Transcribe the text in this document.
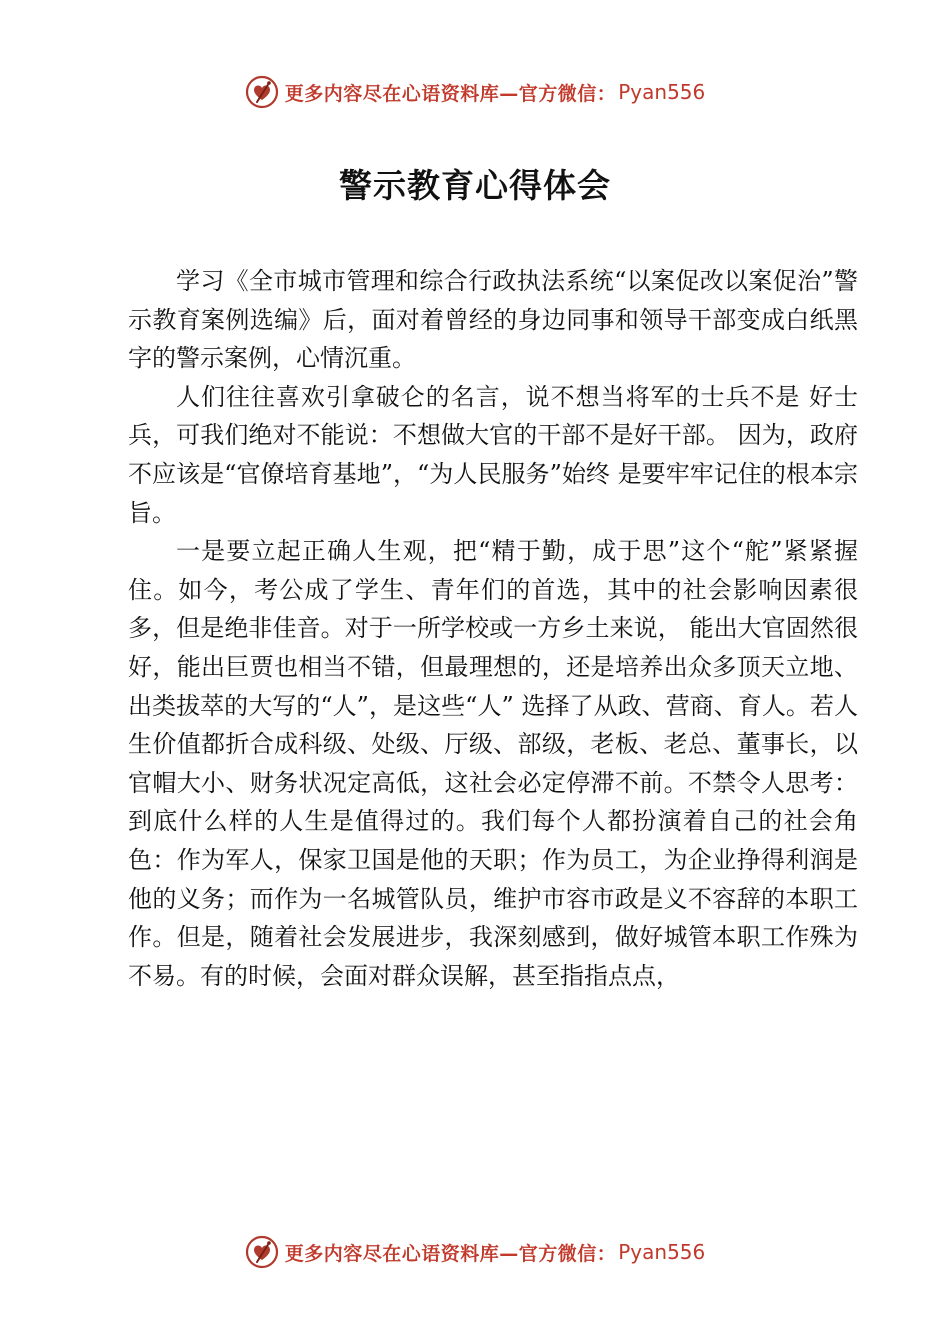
更多内容尽在心语资料库—官方微信： Pyan556
警示教育心得体会

学习《全市城市管理和综合行政执法系统“以案促改以案促治”警示教育案例选编》后，面对着曾经的身边同事和领导干部变成白纸黑字的警示案例，心情沉重。

人们往往喜欢引拿破仑的名言，说不想当将军的士兵不是 好士兵，可我们绝对不能说：不想做大官的干部不是好干部。 因为，政府不应该是“官僚培育基地”，“为人民服务”始终 是要牢牢记住的根本宗旨。

一是要立起正确人生观，把“精于勤，成于思”这个“舵”紧紧握住。如今，考公成了学生、青年们的首选，其中的社会影响因素很多，但是绝非佳音。对于一所学校或一方乡土来说， 能出大官固然很好，能出巨贾也相当不错，但最理想的，还是培养出众多顶天立地、出类拔萃的大写的“人”，是这些“人” 选择了从政、营商、育人。若人生价值都折合成科级、处级、厅级、部级，老板、老总、董事长，以官帽大小、财务状况定高低，这社会必定停滞不前。不禁令人思考：到底什么样的人生是值得过的。我们每个人都扮演着自己的社会角色：作为军人，保家卫国是他的天职；作为员工，为企业挣得利润是他的义务；而作为一名城管队员，维护市容市政是义不容辞的本职工作。但是，随着社会发展进步，我深刻感到，做好城管本职工作殊为不易。有的时候，会面对群众误解，甚至指指点点，

更多内容尽在心语资料库—官方微信： Pyan556
